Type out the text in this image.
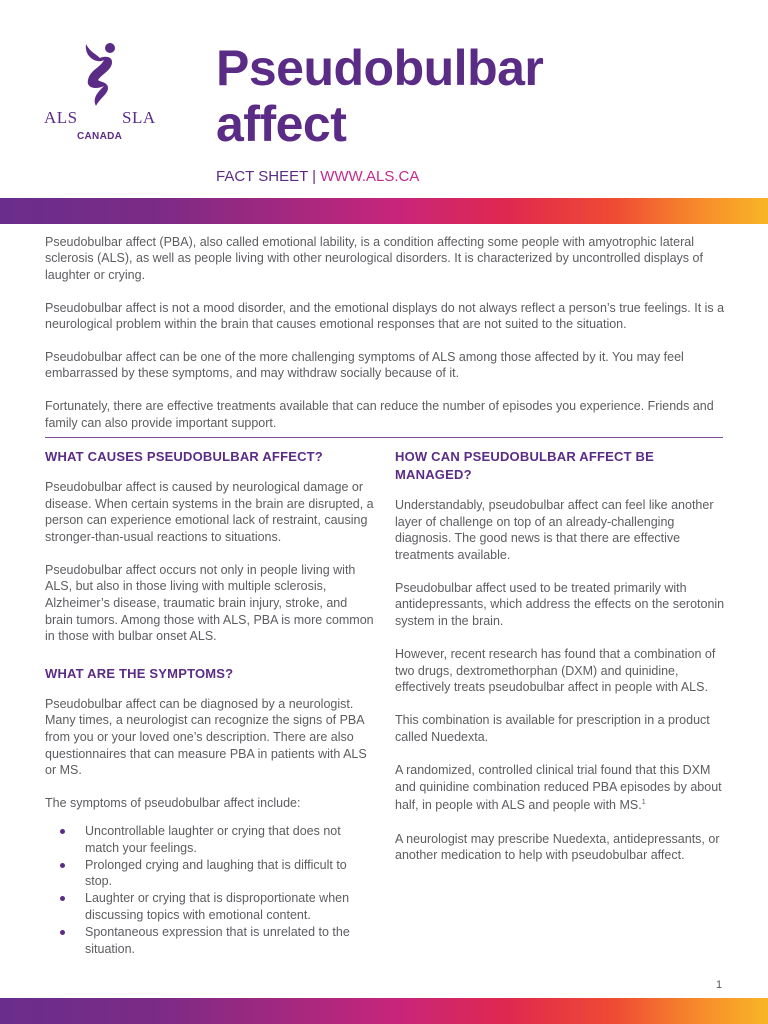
ALS	SLA
CANADA
Pseudobulbar
affect
FACT SHEET | WWW.ALS.CA

Pseudobulbar affect (PBA), also called emotional lability, is a condition affecting some people with amyotrophic lateral sclerosis (ALS), as well as people living with other neurological disorders. It is characterized by uncontrolled displays of laughter or crying.

Pseudobulbar affect is not a mood disorder, and the emotional displays do not always reflect a person’s true feelings. It is a neurological problem within the brain that causes emotional responses that are not suited to the situation.

Pseudobulbar affect can be one of the more challenging symptoms of ALS among those affected by it. You may feel embarrassed by these symptoms, and may withdraw socially because of it.

Fortunately, there are effective treatments available that can reduce the number of episodes you experience. Friends and family can also provide important support.

WHAT CAUSES PSEUDOBULBAR AFFECT?

Pseudobulbar affect is caused by neurological damage or disease. When certain systems in the brain are disrupted, a person can experience emotional lack of restraint, causing stronger-than-usual reactions to situations.

Pseudobulbar affect occurs not only in people living with ALS, but also in those living with multiple sclerosis, Alzheimer’s disease, traumatic brain injury, stroke, and brain tumors. Among those with ALS, PBA is more common in those with bulbar onset ALS.

WHAT ARE THE SYMPTOMS?

Pseudobulbar affect can be diagnosed by a neurologist. Many times, a neurologist can recognize the signs of PBA from you or your loved one’s description. There are also questionnaires that can measure PBA in patients with ALS or MS.

The symptoms of pseudobulbar affect include:

Uncontrollable laughter or crying that does not match your feelings.
Prolonged crying and laughing that is difficult to stop.
Laughter or crying that is disproportionate when discussing topics with emotional content.
Spontaneous expression that is unrelated to the situation.
HOW CAN PSEUDOBULBAR AFFECT BE MANAGED?

Understandably, pseudobulbar affect can feel like another layer of challenge on top of an already-challenging diagnosis. The good news is that there are effective treatments available.

Pseudobulbar affect used to be treated primarily with antidepressants, which address the effects on the serotonin system in the brain.

However, recent research has found that a combination of two drugs, dextromethorphan (DXM) and quinidine, effectively treats pseudobulbar affect in people with ALS.

This combination is available for prescription in a product called Nuedexta.

A randomized, controlled clinical trial found that this DXM and quinidine combination reduced PBA episodes by about half, in people with ALS and people with MS.$^1$

A neurologist may prescribe Nuedexta, antidepressants, or another medication to help with pseudobulbar affect.

1
